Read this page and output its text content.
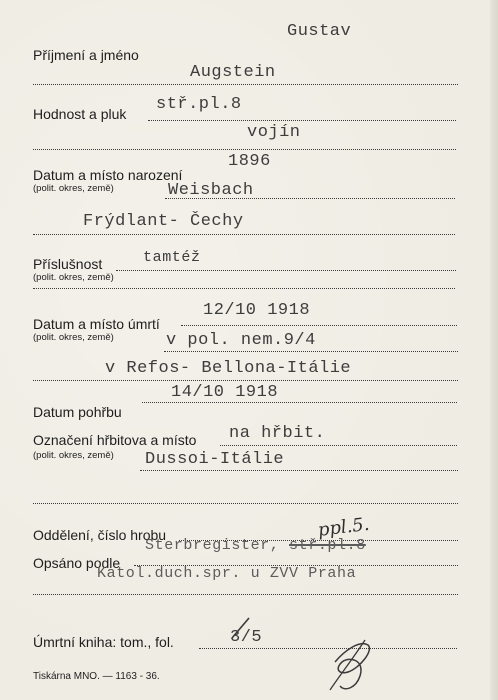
Gustav
Příjmení a jméno
Augstein
stř.pl.8
Hodnost a pluk
vojín
1896
Datum a místo narození
(polit. okres, země)	Weisbach
Frýdlant- Čechy
tamtéž
Příslušnost
(polit. okres, země)
12/10 1918
Datum a místo úmrtí
(polit. okres, země)	v pol. nem.9/4
v Refos- Bellona-Itálie
14/10 1918
Datum pohřbu
na hřbit.
Označení hřbitova a místo
(polit. okres, země) Dussoi-Itálie
ppl.5.
Oddělení, číslo hrobu
Sterbregister, stř.pl.8
Opsáno podle
Katol.duch.spr. u ZVV Praha
3/5
Úmrtní kniha: tom., fol.
Tiskárna MNO. — 1163 - 36.
